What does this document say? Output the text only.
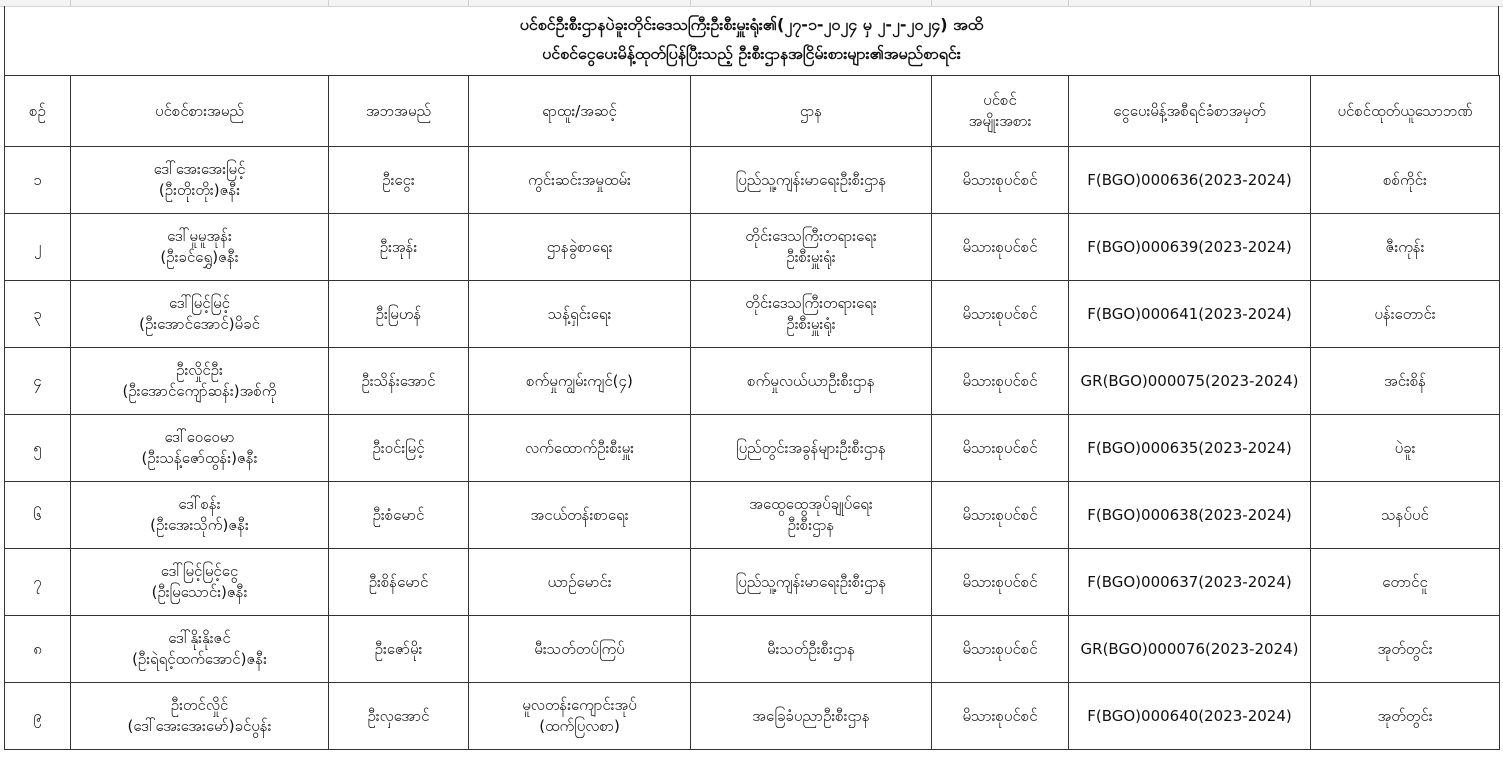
ပင်စင်ဦးစီးဌာနပဲခူးတိုင်းဒေသကြီးဦးစီးမှူးရုံး၏(၂၇-၁-၂၀၂၄ မှ ၂-၂-၂၀၂၄) အထိ
ပင်စင်ငွေပေးမိန့်ထုတ်ပြန်ပြီးသည့် ဦးစီးဌာနအငြိမ်းစားများ၏အမည်စာရင်း
စဉ်	ပင်စင်စားအမည်	အဘအမည်	ရာထူး/အဆင့်	ဌာန	ပင်စင်
အမျိုးအစား	ငွေပေးမိန့်အစီရင်ခံစာအမှတ်	ပင်စင်ထုတ်ယူသောဘဏ်
၁	ဒေါ်အေးအေးမြင့်
(ဦးတိုးတိုး)ဇနီး	ဦးငွေး	ကွင်းဆင်းအမှုထမ်း	ပြည်သူ့ကျန်းမာရေးဦးစီးဌာန	မိသားစုပင်စင်	F(BGO)000636(2023-2024)	စစ်ကိုင်း
၂	ဒေါ်မူမူအုန်း
(ဦးခင်ရွှေ)ဇနီး	ဦးအုန်း	ဌာနခွဲစာရေး	တိုင်းဒေသကြီးတရားရေး
ဦးစီးမှူးရုံး	မိသားစုပင်စင်	F(BGO)000639(2023-2024)	ဇီးကုန်း
၃	ဒေါ်မြင့်မြင့်
(ဦးအောင်အောင်)မိခင်	ဦးမြဟန်	သန့်ရှင်းရေး	တိုင်းဒေသကြီးတရားရေး
ဦးစီးမှူးရုံး	မိသားစုပင်စင်	F(BGO)000641(2023-2024)	ပန်းတောင်း
၄	ဦးလှိုင်ဦး
(ဦးအောင်ကျော်ဆန်း)အစ်ကို	ဦးသိန်းအောင်	စက်မှုကျွမ်းကျင်(၄)	စက်မှုလယ်ယာဦးစီးဌာန	မိသားစုပင်စင်	GR(BGO)000075(2023-2024)	အင်းစိန်
၅	ဒေါ်ဝေဝေမာ
(ဦးသန့်ဇော်ထွန်း)ဇနီး	ဦးဝင်းမြင့်	လက်ထောက်ဦးစီးမှူး	ပြည်တွင်းအခွန်များဦးစီးဌာန	မိသားစုပင်စင်	F(BGO)000635(2023-2024)	ပဲခူး
၆	ဒေါ်စန်း
(ဦးအေးသိုက်)ဇနီး	ဦးစံမောင်	အငယ်တန်းစာရေး	အထွေထွေအုပ်ချုပ်ရေး
ဦးစီးဌာန	မိသားစုပင်စင်	F(BGO)000638(2023-2024)	သနပ်ပင်
၇	ဒေါ်မြင့်မြင့်ငွေ
(ဦးမြသောင်း)ဇနီး	ဦးစိန်မောင်	ယာဉ်မောင်း	ပြည်သူ့ကျန်းမာရေးဦးစီးဌာန	မိသားစုပင်စင်	F(BGO)000637(2023-2024)	တောင်ငူ
၈	ဒေါ်နိုးနိုးဇင်
(ဦးရဲရင့်ထက်အောင်)ဇနီး	ဦးဇော်မိုး	မီးသတ်တပ်ကြပ်	မီးသတ်ဦးစီးဌာန	မိသားစုပင်စင်	GR(BGO)000076(2023-2024)	အုတ်တွင်း
၉	ဦးတင်လှိုင်
(ဒေါ်အေးအေးမော်)ခင်ပွန်း	ဦးလှအောင်	မူလတန်းကျောင်းအုပ်
(ထက်ပြလစာ)	အခြေခံပညာဦးစီးဌာန	မိသားစုပင်စင်	F(BGO)000640(2023-2024)	အုတ်တွင်း
